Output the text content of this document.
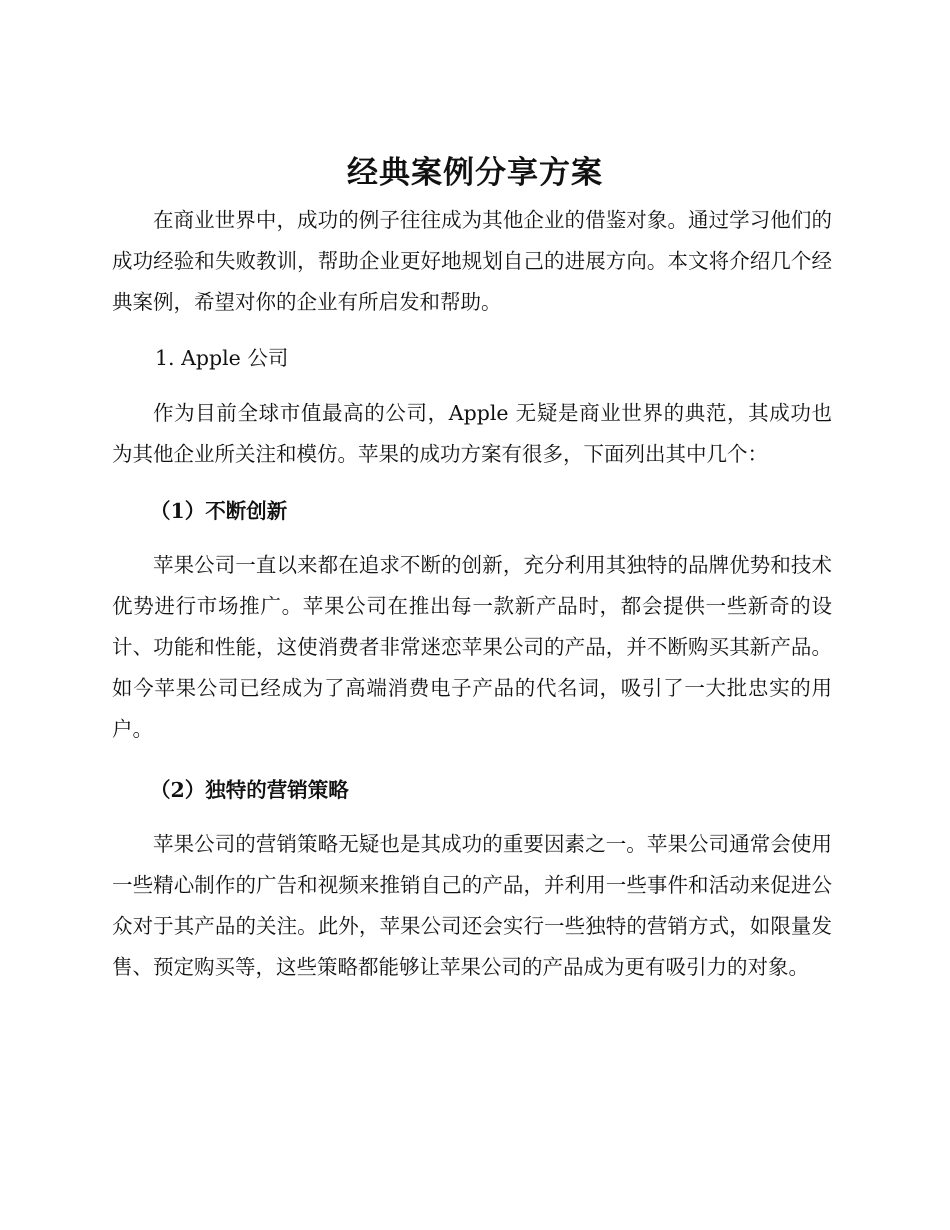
经典案例分享方案

在商业世界中，成功的例子往往成为其他企业的借鉴对象。通过学习他们的成功经验和失败教训，帮助企业更好地规划自己的进展方向。本文将介绍几个经典案例，希望对你的企业有所启发和帮助。

1. Apple 公司

作为目前全球市值最高的公司，Apple 无疑是商业世界的典范，其成功也为其他企业所关注和模仿。苹果的成功方案有很多，下面列出其中几个：

（1）不断创新

苹果公司一直以来都在追求不断的创新，充分利用其独特的品牌优势和技术优势进行市场推广。苹果公司在推出每一款新产品时，都会提供一些新奇的设计、功能和性能，这使消费者非常迷恋苹果公司的产品，并不断购买其新产品。如今苹果公司已经成为了高端消费电子产品的代名词，吸引了一大批忠实的用户。

（2）独特的营销策略

苹果公司的营销策略无疑也是其成功的重要因素之一。苹果公司通常会使用一些精心制作的广告和视频来推销自己的产品，并利用一些事件和活动来促进公众对于其产品的关注。此外，苹果公司还会实行一些独特的营销方式，如限量发售、预定购买等，这些策略都能够让苹果公司的产品成为更有吸引力的对象。
